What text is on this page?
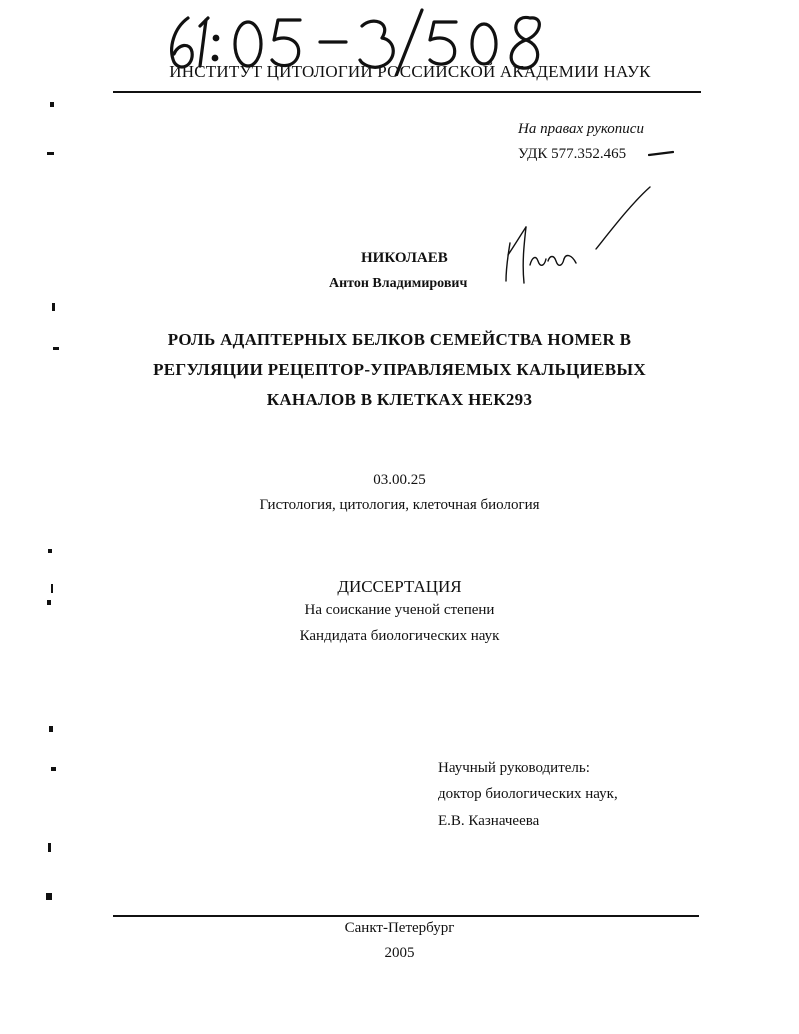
ИНСТИТУТ ЦИТОЛОГИИ РОССИЙСКОЙ АКАДЕМИИ НАУК
На правах рукописи
УДК 577.352.465
НИКОЛАЕВ
Антон Владимирович
РОЛЬ АДАПТЕРНЫХ БЕЛКОВ СЕМЕЙСТВА HOMER В
РЕГУЛЯЦИИ РЕЦЕПТОР-УПРАВЛЯЕМЫХ КАЛЬЦИЕВЫХ
КАНАЛОВ В КЛЕТКАХ НЕК293
03.00.25
Гистология, цитология, клеточная биология
ДИССЕРТАЦИЯ
На соискание ученой степени
Кандидата биологических наук
Научный руководитель:
доктор биологических наук,
Е.В. Казначеева
Санкт-Петербург
2005
